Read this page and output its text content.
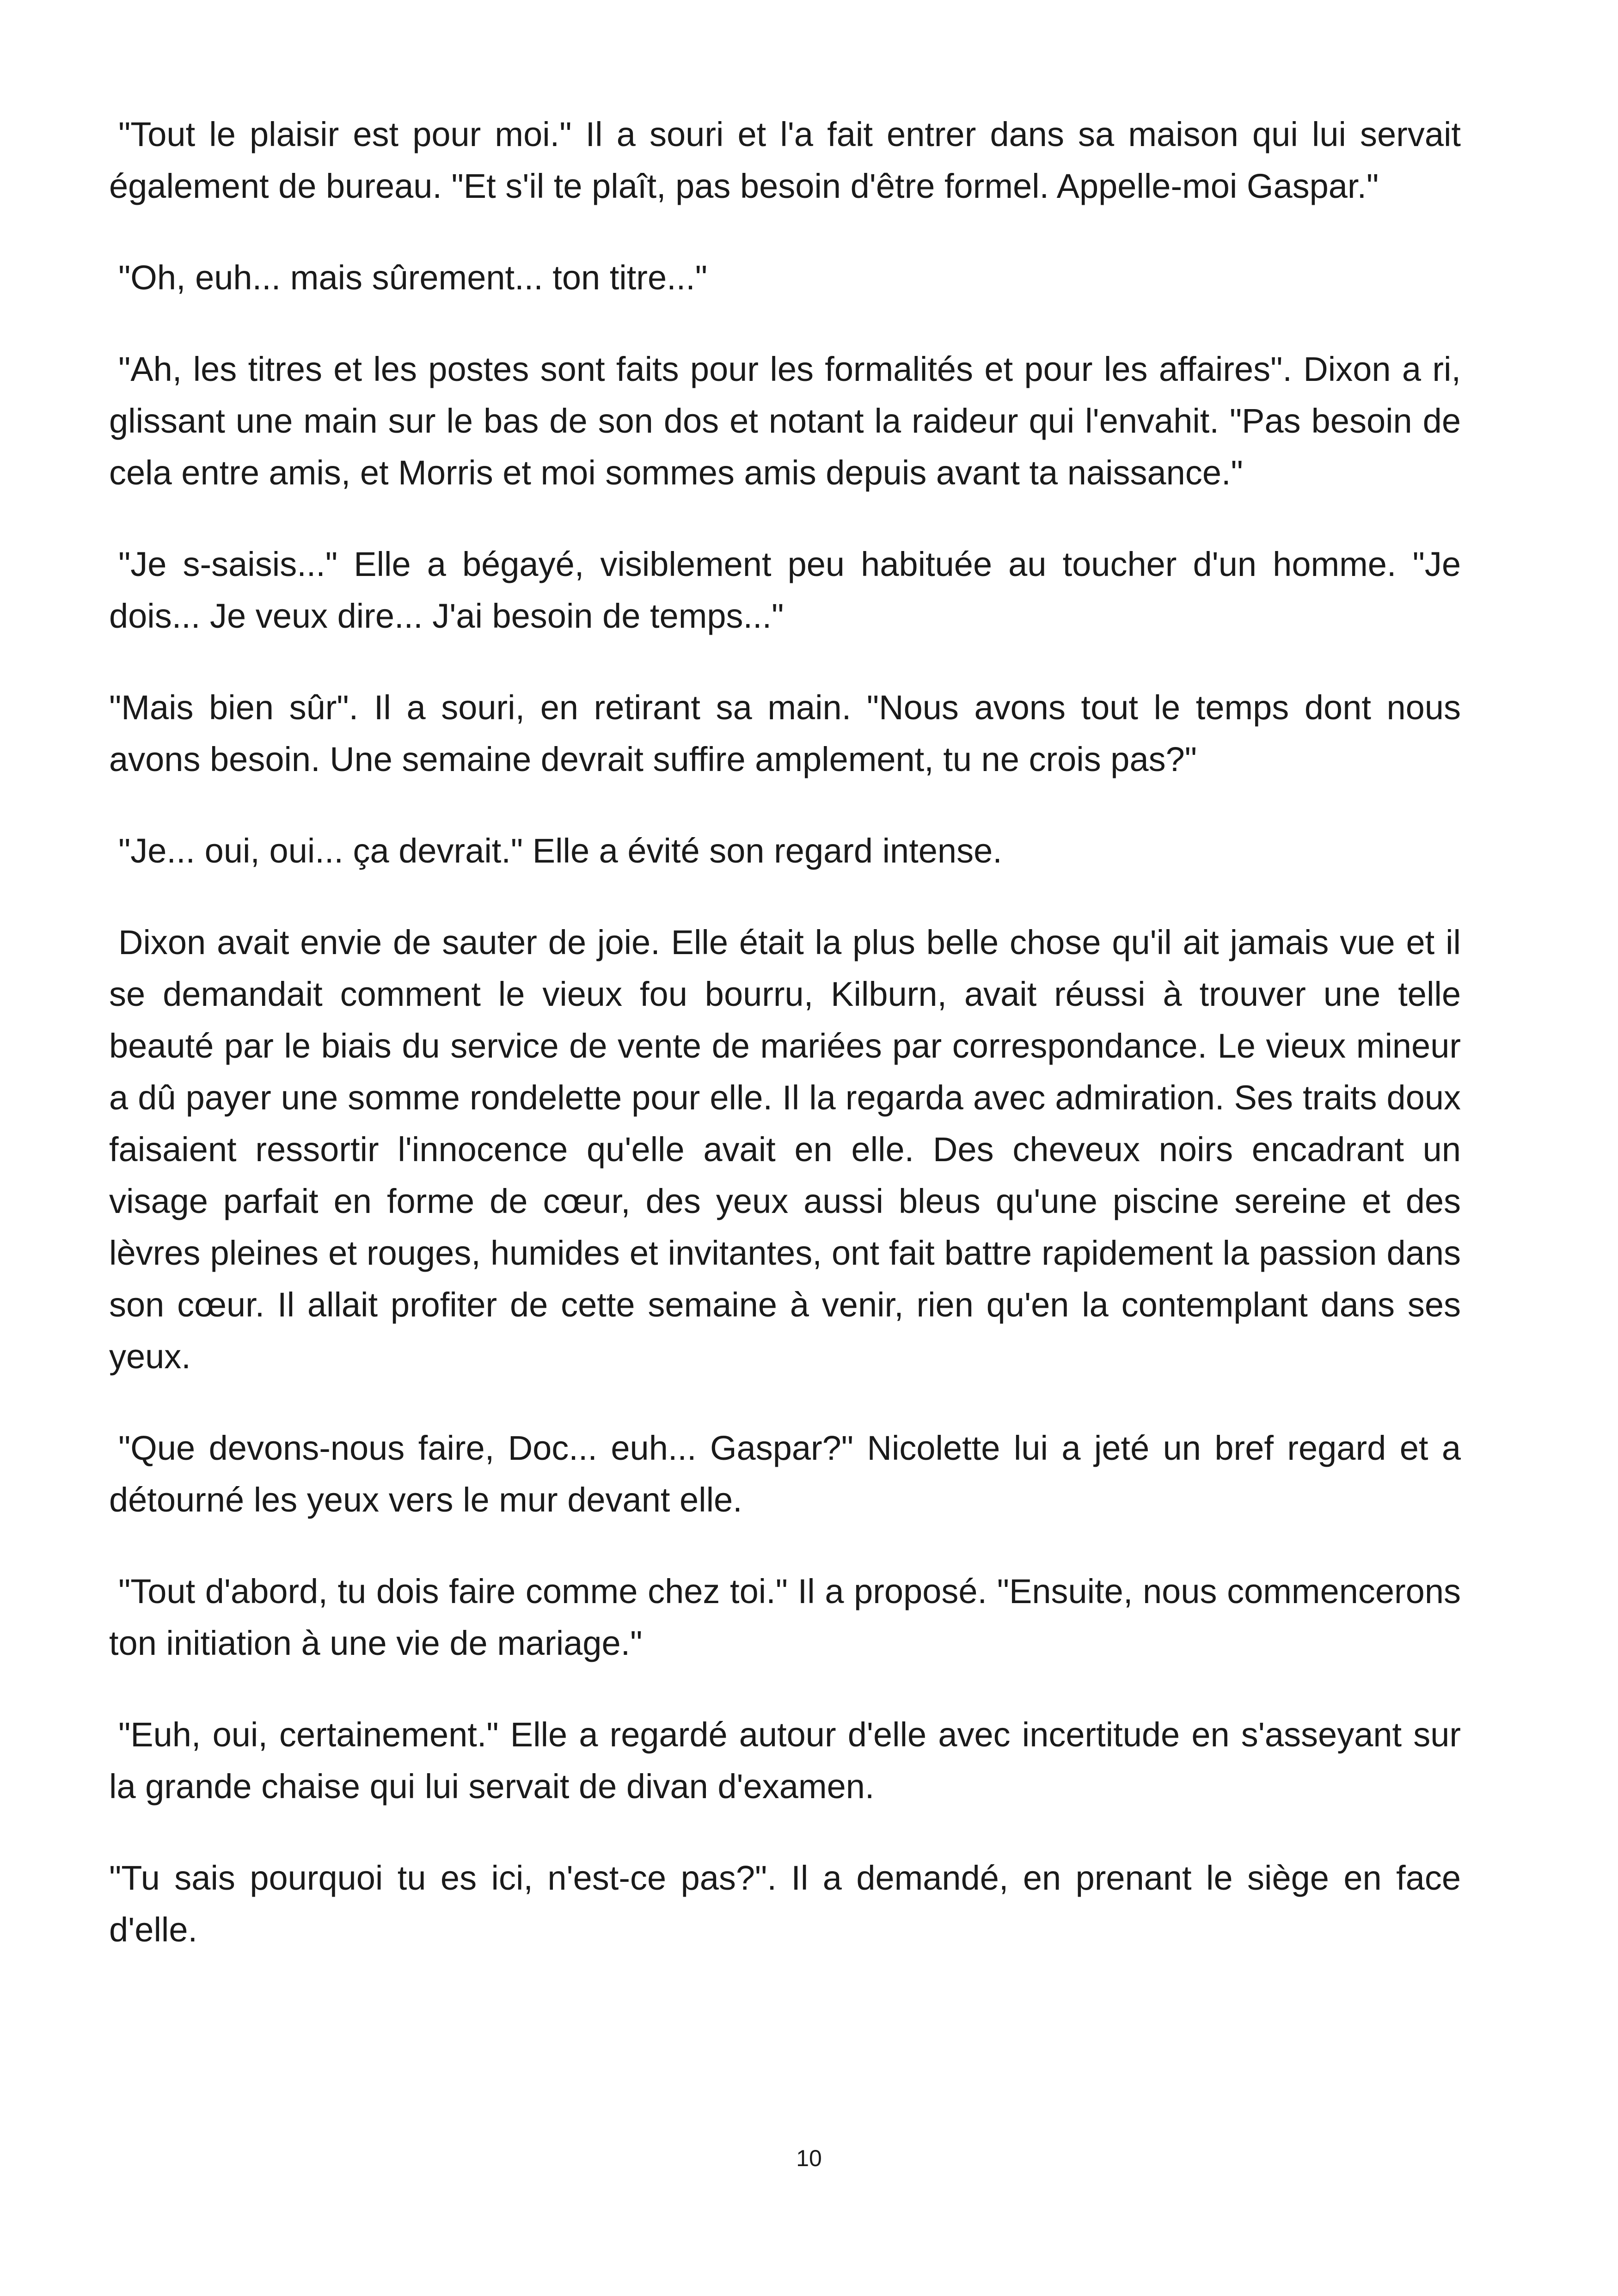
"Tout le plaisir est pour moi." Il a souri et l'a fait entrer dans sa maison qui lui servait également de bureau. "Et s'il te plaît, pas besoin d'être formel. Appelle-moi Gaspar."

"Oh, euh... mais sûrement... ton titre..."

"Ah, les titres et les postes sont faits pour les formalités et pour les affaires". Dixon a ri, glissant une main sur le bas de son dos et notant la raideur qui l'envahit. "Pas besoin de cela entre amis, et Morris et moi sommes amis depuis avant ta naissance."

"Je s-saisis..." Elle a bégayé, visiblement peu habituée au toucher d'un homme. "Je dois... Je veux dire... J'ai besoin de temps..."

"Mais bien sûr". Il a souri, en retirant sa main. "Nous avons tout le temps dont nous avons besoin. Une semaine devrait suffire amplement, tu ne crois pas?"

"Je... oui, oui... ça devrait." Elle a évité son regard intense.

Dixon avait envie de sauter de joie. Elle était la plus belle chose qu'il ait jamais vue et il se demandait comment le vieux fou bourru, Kilburn, avait réussi à trouver une telle beauté par le biais du service de vente de mariées par correspondance. Le vieux mineur a dû payer une somme rondelette pour elle. Il la regarda avec admiration. Ses traits doux faisaient ressortir l'innocence qu'elle avait en elle. Des cheveux noirs encadrant un visage parfait en forme de cœur, des yeux aussi bleus qu'une piscine sereine et des lèvres pleines et rouges, humides et invitantes, ont fait battre rapidement la passion dans son cœur. Il allait profiter de cette semaine à venir, rien qu'en la contemplant dans ses yeux.

"Que devons-nous faire, Doc... euh... Gaspar?" Nicolette lui a jeté un bref regard et a détourné les yeux vers le mur devant elle.

"Tout d'abord, tu dois faire comme chez toi." Il a proposé. "Ensuite, nous commencerons ton initiation à une vie de mariage."

"Euh, oui, certainement." Elle a regardé autour d'elle avec incertitude en s'asseyant sur la grande chaise qui lui servait de divan d'examen.

"Tu sais pourquoi tu es ici, n'est-ce pas?". Il a demandé, en prenant le siège en face d'elle.

10
